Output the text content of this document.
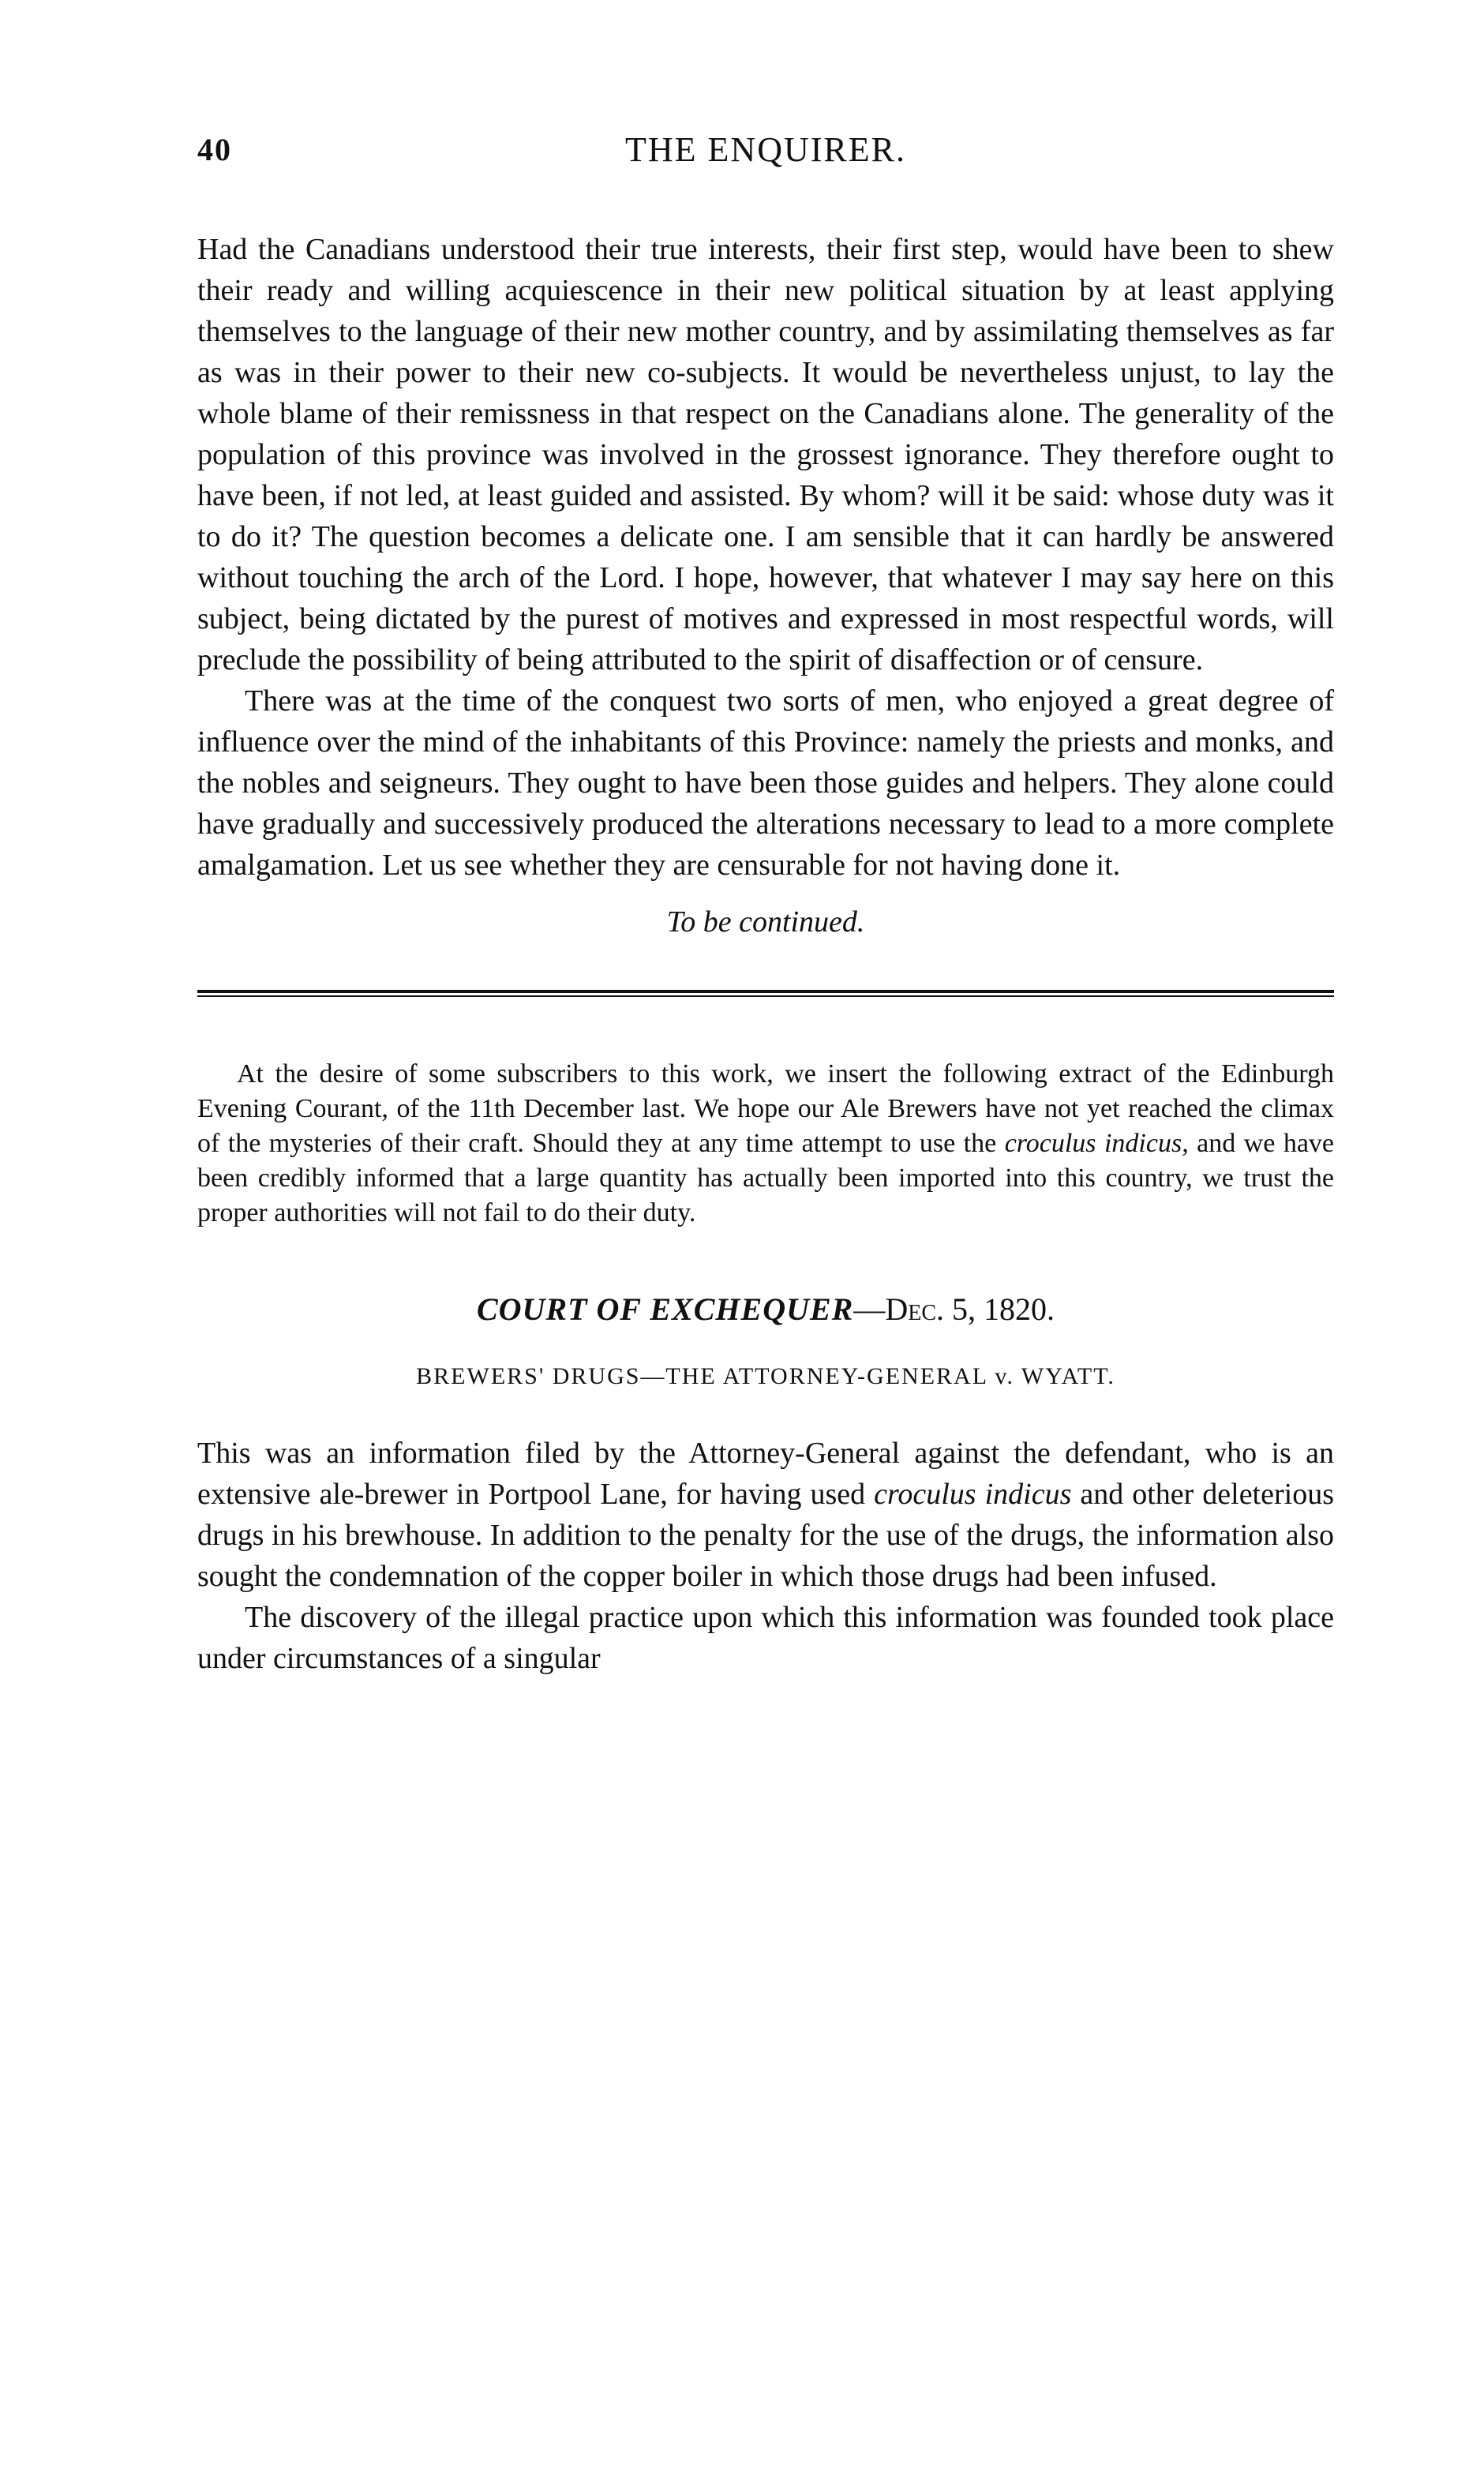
40	THE ENQUIRER.

Had the Canadians understood their true interests, their first step, would have been to shew their ready and willing acquiescence in their new political situation by at least applying themselves to the language of their new mother country, and by assimilating themselves as far as was in their power to their new co-subjects. It would be nevertheless unjust, to lay the whole blame of their remissness in that respect on the Canadians alone. The generality of the population of this province was involved in the grossest ignorance. They therefore ought to have been, if not led, at least guided and assisted. By whom? will it be said: whose duty was it to do it? The question becomes a delicate one. I am sensible that it can hardly be answered without touching the arch of the Lord. I hope, however, that whatever I may say here on this subject, being dictated by the purest of motives and expressed in most respectful words, will preclude the possibility of being attributed to the spirit of disaffection or of censure.

There was at the time of the conquest two sorts of men, who enjoyed a great degree of influence over the mind of the inhabitants of this Province: namely the priests and monks, and the nobles and seigneurs. They ought to have been those guides and helpers. They alone could have gradually and successively produced the alterations necessary to lead to a more complete amalgamation. Let us see whether they are censurable for not having done it.

To be continued.

At the desire of some subscribers to this work, we insert the following extract of the Edinburgh Evening Courant, of the 11th December last. We hope our Ale Brewers have not yet reached the climax of the mysteries of their craft. Should they at any time attempt to use the croculus indicus, and we have been credibly informed that a large quantity has actually been imported into this country, we trust the proper authorities will not fail to do their duty.

COURT OF EXCHEQUER—Dec. 5, 1820.
BREWERS' DRUGS—THE ATTORNEY-GENERAL v. WYATT.

This was an information filed by the Attorney-General against the defendant, who is an extensive ale-brewer in Portpool Lane, for having used croculus indicus and other deleterious drugs in his brewhouse. In addition to the penalty for the use of the drugs, the information also sought the condemnation of the copper boiler in which those drugs had been infused.

The discovery of the illegal practice upon which this information was founded took place under circumstances of a singular
